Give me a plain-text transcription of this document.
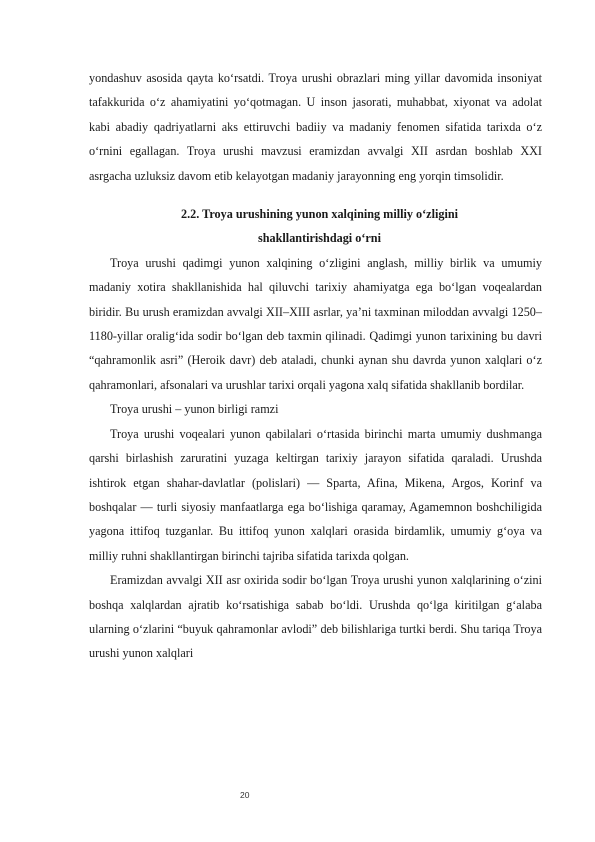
yondashuv asosida qayta ko‘rsatdi. Troya urushi obrazlari ming yillar davomida insoniyat tafakkurida o‘z ahamiyatini yo‘qotmagan. U inson jasorati, muhabbat, xiyonat va adolat kabi abadiy qadriyatlarni aks ettiruvchi badiiy va madaniy fenomen sifatida tarixda o‘z o‘rnini egallagan. Troya urushi mavzusi eramizdan avvalgi XII asrdan boshlab XXI asrgacha uzluksiz davom etib kelayotgan madaniy jarayonning eng yorqin timsolidir.

2.2. Troya urushining yunon xalqining milliy o‘zligini
shakllantirishdagi o‘rni

Troya urushi qadimgi yunon xalqining o‘zligini anglash, milliy birlik va umumiy madaniy xotira shakllanishida hal qiluvchi tarixiy ahamiyatga ega bo‘lgan voqealardan biridir. Bu urush eramizdan avvalgi XII–XIII asrlar, ya’ni taxminan miloddan avvalgi 1250–1180-yillar oralig‘ida sodir bo‘lgan deb taxmin qilinadi. Qadimgi yunon tarixining bu davri “qahramonlik asri” (Heroik davr) deb ataladi, chunki aynan shu davrda yunon xalqlari o‘z qahramonlari, afsonalari va urushlar tarixi orqali yagona xalq sifatida shakllanib bordilar.

Troya urushi – yunon birligi ramzi

Troya urushi voqealari yunon qabilalari o‘rtasida birinchi marta umumiy dushmanga qarshi birlashish zaruratini yuzaga keltirgan tarixiy jarayon sifatida qaraladi. Urushda ishtirok etgan shahar-davlatlar (polislari) — Sparta, Afina, Mikena, Argos, Korinf va boshqalar — turli siyosiy manfaatlarga ega bo‘lishiga qaramay, Agamemnon boshchiligida yagona ittifoq tuzganlar. Bu ittifoq yunon xalqlari orasida birdamlik, umumiy g‘oya va milliy ruhni shakllantirgan birinchi tajriba sifatida tarixda qolgan.

Eramizdan avvalgi XII asr oxirida sodir bo‘lgan Troya urushi yunon xalqlarining o‘zini boshqa xalqlardan ajratib ko‘rsatishiga sabab bo‘ldi. Urushda qo‘lga kiritilgan g‘alaba ularning o‘zlarini “buyuk qahramonlar avlodi” deb bilishlariga turtki berdi. Shu tariqa Troya urushi yunon xalqlari

20
